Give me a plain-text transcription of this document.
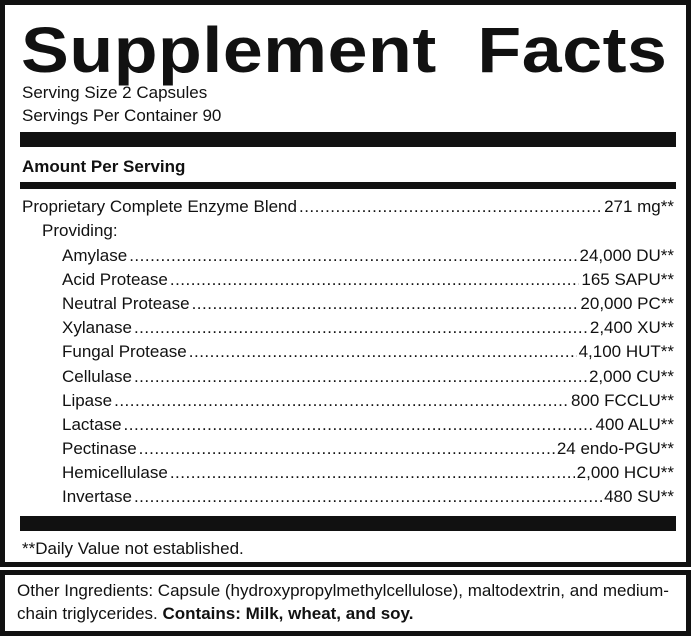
Supplement Facts
Serving Size 2 Capsules
Servings Per Container 90
Amount Per Serving
Proprietary Complete Enzyme Blend .....	271 mg**
Providing:
Amylase .....	24,000 DU**
Acid Protease .....	165 SAPU**
Neutral Protease .....	20,000 PC**
Xylanase .....	2,400 XU**
Fungal Protease .....	4,100 HUT**
Cellulase .....	2,000 CU**
Lipase .....	800 FCCLU**
Lactase .....	400 ALU**
Pectinase .....	24 endo-PGU**
Hemicellulase .....	2,000 HCU**
Invertase .....	480 SU**
**Daily Value not established.
Other Ingredients: Capsule (hydroxypropylmethylcellulose), maltodextrin, and medium-chain triglycerides. Contains: Milk, wheat, and soy.
